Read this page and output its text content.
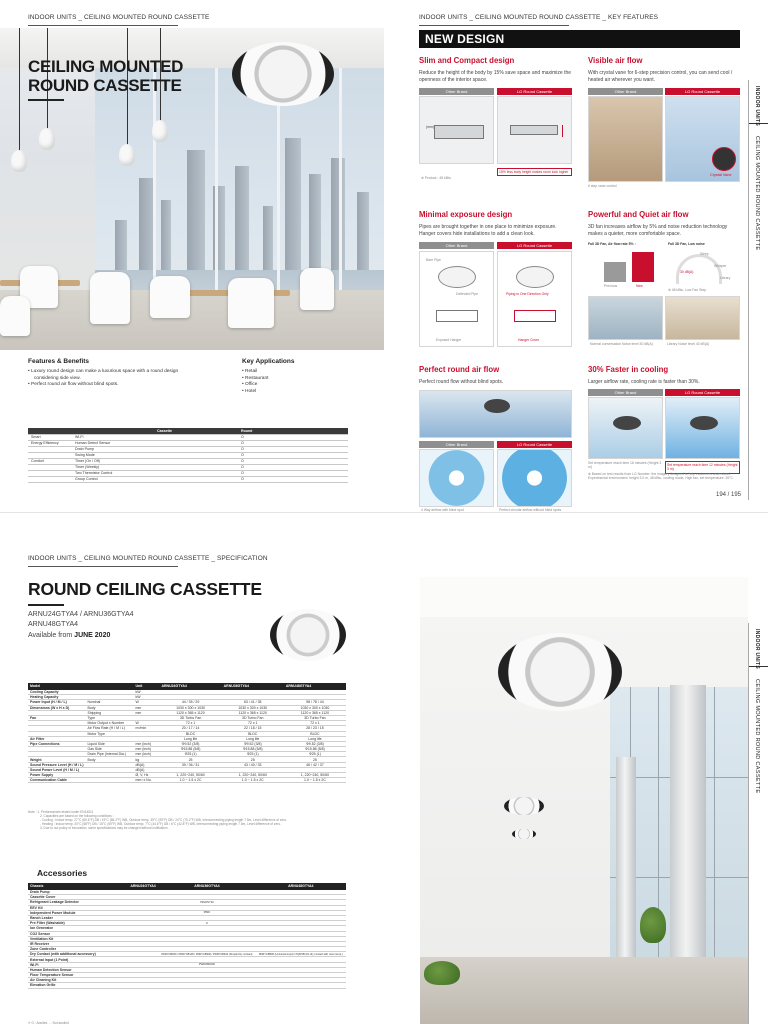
INDOOR UNITS _ CEILING MOUNTED ROUND CASSETTE
CEILING MOUNTED
ROUND CASSETTE
Features & Benefits
• Luxury round design can make a luxurious space with a round design
considering side view.
• Perfect round air flow without blind spots.
Key Applications
• Retail
• Restaurant
• Office
• Hotel
		Cassette	Round
Smart	Wi-Fi		O
Energy Efficiency	Human Detect Sensor		O
	Drain Pump		O
	Swing Mode		O
Comfort	Timer (On / Off)		O
	Timer (Weekly)		O
	Two Thermistor Control		O
	Group Control		O
INDOOR UNITS _ CEILING MOUNTED ROUND CASSETTE _ KEY FEATURES
NEW DESIGN
Slim and Compact design
Reduce the height of the body by 15% save space and maximize the openness of the interior space.
Other Brand	LG Round Cassette
(mm)
※ Product : 48 kBtu
15% less body height makes room look higher
Visible air flow
With crystal vane for 6-step precision control, you can send cool / heated air wherever you want.
Other Brand	LG Round Cassette
Crystal Vane
6 step vane control
Minimal exposure design
Pipes are brought together in one place to minimize exposure. Hanger covers hide installations to add a clean look.
Other Brand	LG Round Cassette
Bare Pipe
Deflected Pipe
Exposed Hanger
Piping in One Direction Only
Hanger Cover
Powerful and Quiet air flow
3D fan increases airflow by 5% and noise reduction technology makes a quieter, more comfortable space.
Full 3D Fan, Air flow rate 5% ↑	Full 3D Fan, Low noise
Previous	New
Sleep
Whisper
Library
30 dB(A)
※ 48 kBtu, Low Fan Step
Normal conversation Noise level 30 dB(A)	Library Noise level 40 dB(A)
Perfect round air flow
Perfect round flow without blind spots.
Other Brand	LG Round Cassette
4 Way airflow with blind spot	Perfect circular airflow without blind spots
30% Faster in cooling
Larger airflow rate, cooling rate is faster than 30%.
Other Brand	LG Round Cassette
Set temperature reach time 16 minutes (Height 3 m)
Set temperature reach time 12 minutes (Height 3 m)
※ Based on test results from LG Number: the imagery designed to help customers understand. Experimental environment: height 3.0 m, 48 kBtu, cooling mode, High fan, set temperature: 26°C.
194 / 195
INDOOR UNITS
CEILING MOUNTED ROUND CASSETTE
INDOOR UNITS _ CEILING MOUNTED ROUND CASSETTE _ SPECIFICATION
ROUND CEILING CASSETTE
ARNU24GTYA4 / ARNU36GTYA4
ARNU48GTYA4
Available from JUNE 2020
Model		Unit	ARNU24GTYA4	ARNU36GTYA4	ARNU48GTYA4
Cooling Capacity		kW			
Heating Capacity		kW			
Power Input (H / M / L)	Nominal	W	44 / 35 / 29	63 / 41 / 35	98 / 78 / 44
Dimensions (W x H x D)	Body	mm	1030 x 300 x 1030	1030 x 300 x 1030	1030 x 300 x 1030
	Shipping	mm	1120 x 365 x 1120	1120 x 365 x 1120	1120 x 365 x 1120
Fan	Type		3D Turbo Fan	3D Turbo Fan	3D Turbo Fan
	Motor Output x Number	W	72 x 1	72 x 1	72 x 1
	Air Flow Rate (H / M / L)	m³/min	20 / 17 / 14	22 / 18 / 15	28 / 23 / 15
	Motor Type		BLDC	BLDC	BLDC
Air Filter			Long life	Long life	Long life
Pipe Connections	Liquid Side	mm (inch)	Φ9.52 (3/8)	Φ9.52 (3/8)	Φ9.52 (3/8)
	Gas Side	mm (inch)	Φ15.88 (5/8)	Φ15.88 (5/8)	Φ15.88 (5/8)
	Drain Pipe (Internal Dia.)	mm (inch)	Φ25 (1)	Φ25 (1)	Φ25 (1)
Weight	Body	kg	25	25	25
Sound Pressure Level (H / M / L)		dB(A)	39 / 36 / 31	43 / 40 / 33	46 / 42 / 37
Sound Power Level (H / M / L)		dB(A)			
Power Supply		Ø, V, Hz	1, 220~240, 50/60	1, 220~240, 50/60	1, 220~240, 50/60
Communication Cable		mm² x No.	1.0 ~ 1.5 x 2C	1.0 ~ 1.5 x 2C	1.0 ~ 1.5 x 2C
Note : 1. Performances tested under EN14511
2. Capacities are based on the following conditions :
- Cooling : Indoor temp. 27°C (80.6°F) DB / 19°C (66.2°F) WB, Outdoor temp. 35°C (95°F) DB / 24°C (75.2°F) WB, Interconnecting piping length 7.5m, Level difference of zero.
- Heating : Indoor temp. 20°C (68°F) DB / 15°C (59°F) WB, Outdoor temp. 7°C (44.6°F) DB / 6°C (42.8°F) WB, Interconnecting piping length 7.5m, Level difference of zero.
3. Due to our policy of innovation, some specifications may be changed without notification.
Accessories
Chassis		ARNU24GTYA4	ARNU36GTYA4	ARNU48GTYA4
Drain Pump				
Cassette Cover				
Refrigerant Leakage Detector			PRLDNY20	
EEV Kit				
Independent Power Module			PIMK	
Ranch Leaker				
Pre Filter (Washable)			O	
Ion Generator				
CO2 Sensor				
Ventilation Kit				
IR Receiver				
Zone Controller				
Dry Contact (with additional accessory)			PDRYCB000 / PDRYCB100 / PDRYCB300 / PDRYCB400 (Simple Dry contact)	PDRYCB500 (Universal input) / PQDSB (Kit dry contact with room temp.)
External Input (1 Point)				
Wi-Fi			PWFMDD200	
Human Detection Sensor				
Floor Temperature Sensor				
Air Cleaning Kit				
Elevation Grille				
※ O : Applied, - : Not applied
INDOOR UNITS
CEILING MOUNTED ROUND CASSETTE
